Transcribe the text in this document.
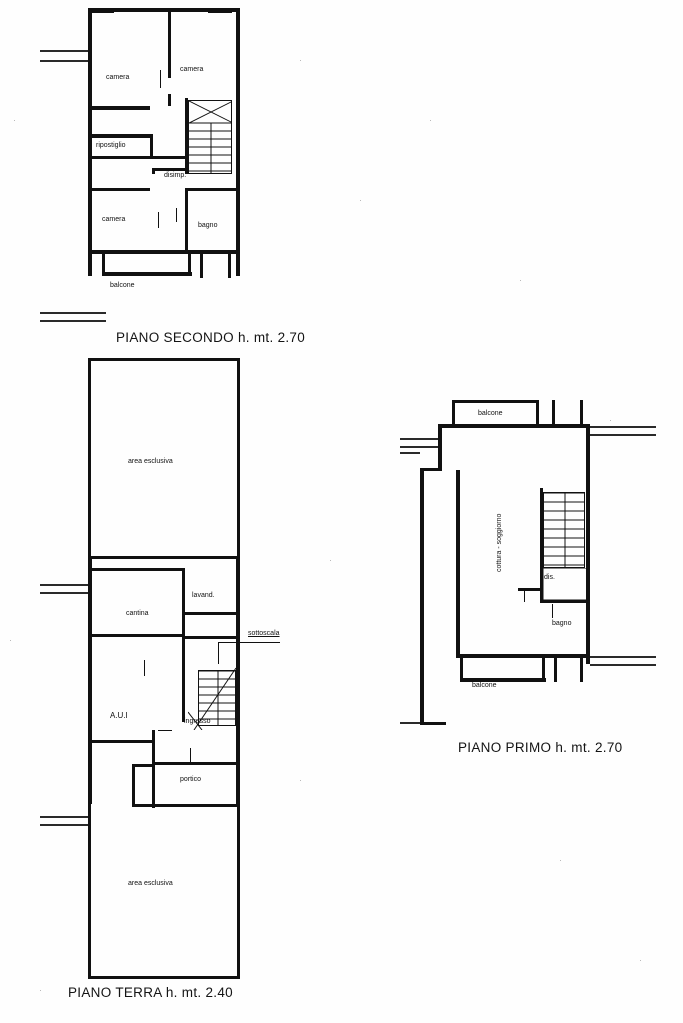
camera
camera
ripostiglio
disimp.
camera
bagno
balcone
PIANO SECONDO h. mt. 2.70
area esclusiva
cantina
lavand.
sottoscala
A.U.I
ingresso
portico
area esclusiva
PIANO TERRA h. mt. 2.40
balcone
cottura - soggiorno
dis.
bagno
balcone
PIANO PRIMO h. mt. 2.70
